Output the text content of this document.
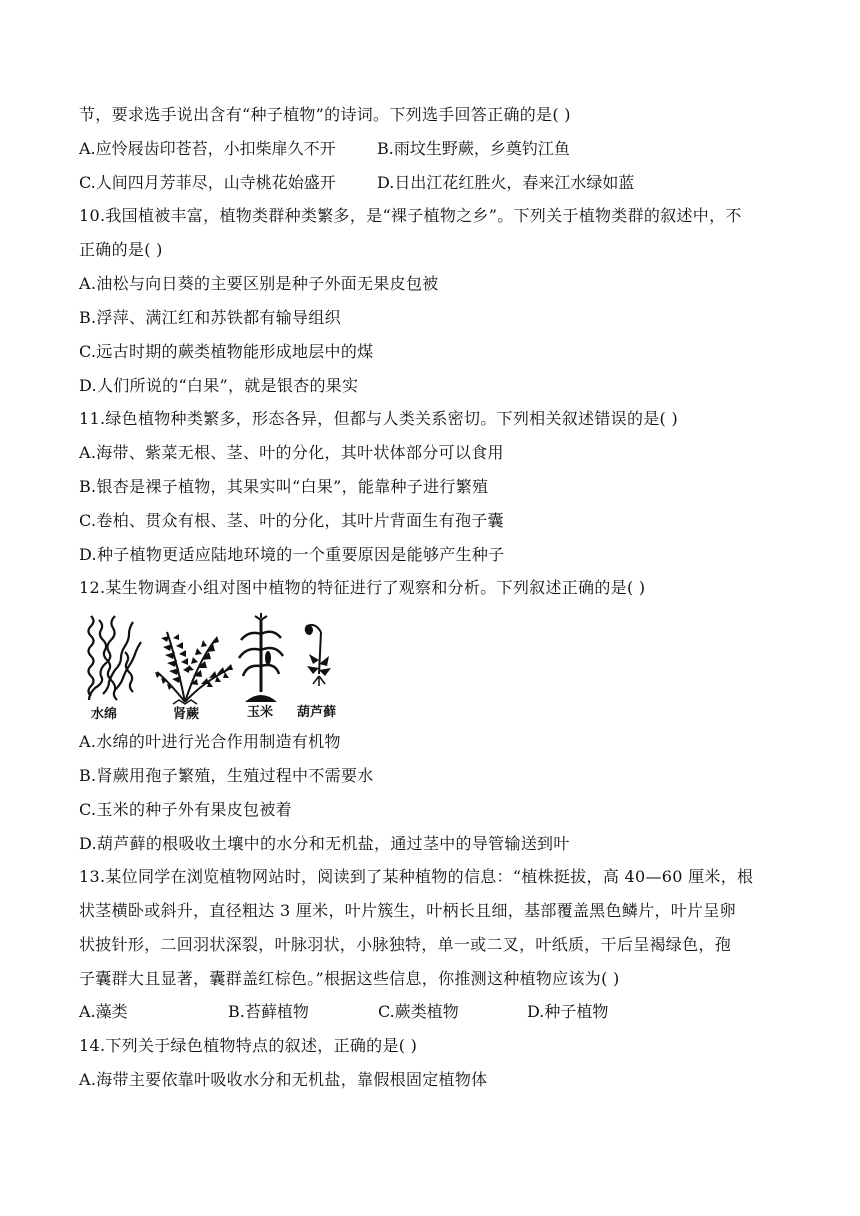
节，要求选手说出含有“种子植物”的诗词。下列选手回答正确的是( )
A.应怜屐齿印苍苔，小扣柴扉久不开	B.雨坟生野蕨，乡奠钓江鱼
C.人间四月芳菲尽，山寺桃花始盛开	D.日出江花红胜火，春来江水绿如蓝
10.我国植被丰富，植物类群种类繁多，是“裸子植物之乡”。下列关于植物类群的叙述中，不
正确的是( )
A.油松与向日葵的主要区别是种子外面无果皮包被
B.浮萍、满江红和苏铁都有输导组织
C.远古时期的蕨类植物能形成地层中的煤
D.人们所说的“白果”，就是银杏的果实
11.绿色植物种类繁多，形态各异，但都与人类关系密切。下列相关叙述错误的是( )
A.海带、紫菜无根、茎、叶的分化，其叶状体部分可以食用
B.银杏是裸子植物，其果实叫“白果”，能靠种子进行繁殖
C.卷柏、贯众有根、茎、叶的分化，其叶片背面生有孢子囊
D.种子植物更适应陆地环境的一个重要原因是能够产生种子
12.某生物调查小组对图中植物的特征进行了观察和分析。下列叙述正确的是( )
水绵	肾蕨	玉米 葫芦藓
A.水绵的叶进行光合作用制造有机物
B.肾蕨用孢子繁殖，生殖过程中不需要水
C.玉米的种子外有果皮包被着
D.葫芦藓的根吸收土壤中的水分和无机盐，通过茎中的导管输送到叶
13.某位同学在浏览植物网站时，阅读到了某种植物的信息：“植株挺拔，高 40—60 厘米，根
状茎横卧或斜升，直径粗达 3 厘米，叶片簇生，叶柄长且细，基部覆盖黑色鳞片，叶片呈卵
状披针形，二回羽状深裂，叶脉羽状，小脉独特，单一或二叉，叶纸质，干后呈褐绿色，孢
子囊群大且显著，囊群盖红棕色。”根据这些信息，你推测这种植物应该为( )
A.藻类	B.苔藓植物	C.蕨类植物	D.种子植物
14.下列关于绿色植物特点的叙述，正确的是( )
A.海带主要依靠叶吸收水分和无机盐，靠假根固定植物体
